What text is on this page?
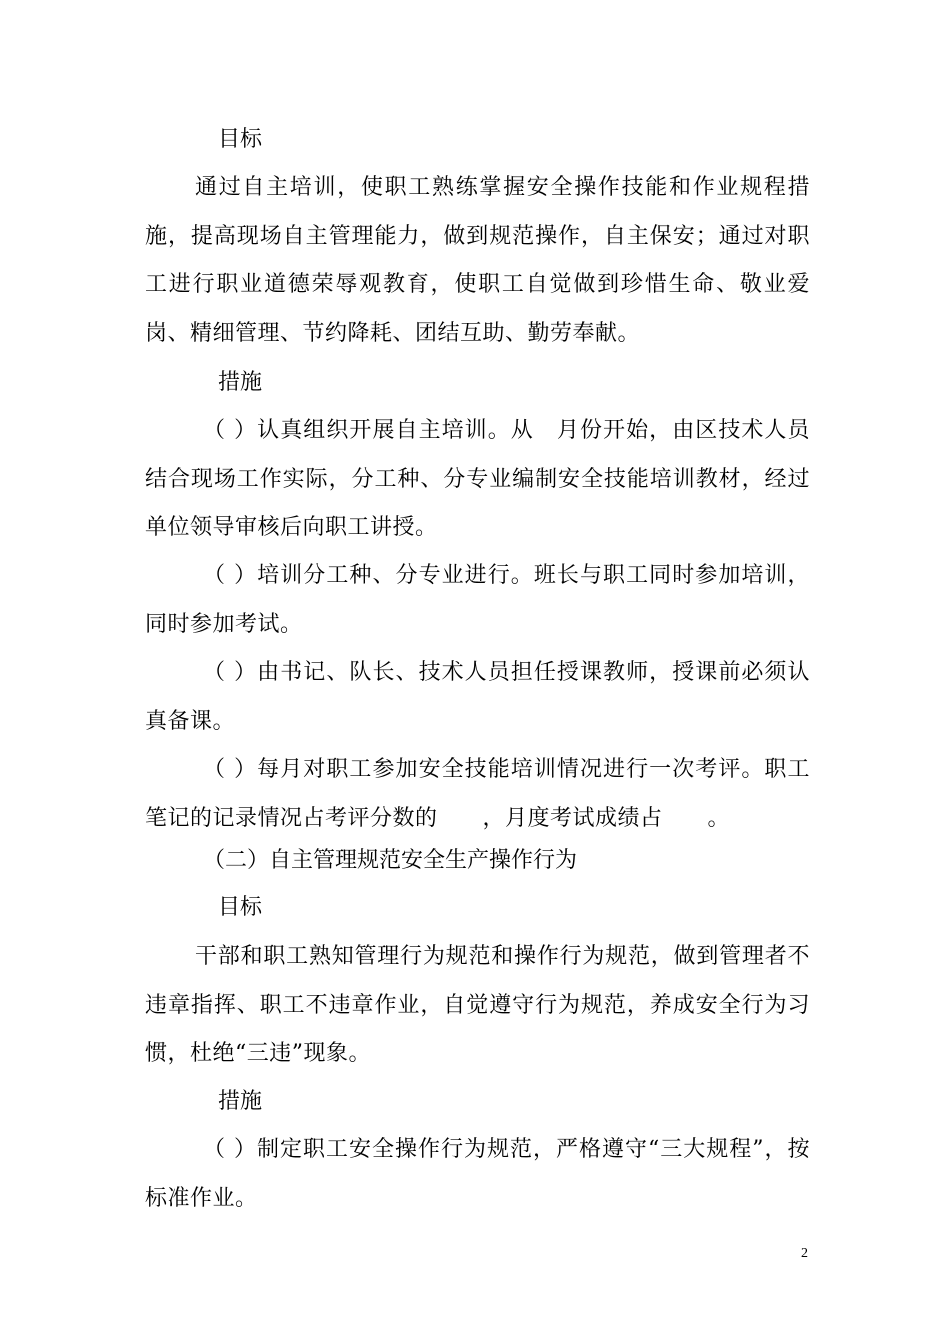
目标

通过自主培训，使职工熟练掌握安全操作技能和作业规程措施，提高现场自主管理能力，做到规范操作，自主保安；通过对职工进行职业道德荣辱观教育，使职工自觉做到珍惜生命、敬业爱岗、精细管理、节约降耗、团结互助、勤劳奉献。

措施

（ ）认真组织开展自主培训。从　月份开始，由区技术人员结合现场工作实际，分工种、分专业编制安全技能培训教材，经过单位领导审核后向职工讲授。

（ ）培训分工种、分专业进行。班长与职工同时参加培训，同时参加考试。

（ ）由书记、队长、技术人员担任授课教师，授课前必须认真备课。

（ ）每月对职工参加安全技能培训情况进行一次考评。职工笔记的记录情况占考评分数的　　，月度考试成绩占　　。

（二）自主管理规范安全生产操作行为
目标

干部和职工熟知管理行为规范和操作行为规范，做到管理者不违章指挥、职工不违章作业，自觉遵守行为规范，养成安全行为习惯，杜绝“三违”现象。

措施

（ ）制定职工安全操作行为规范，严格遵守“三大规程”，按标准作业。

2
